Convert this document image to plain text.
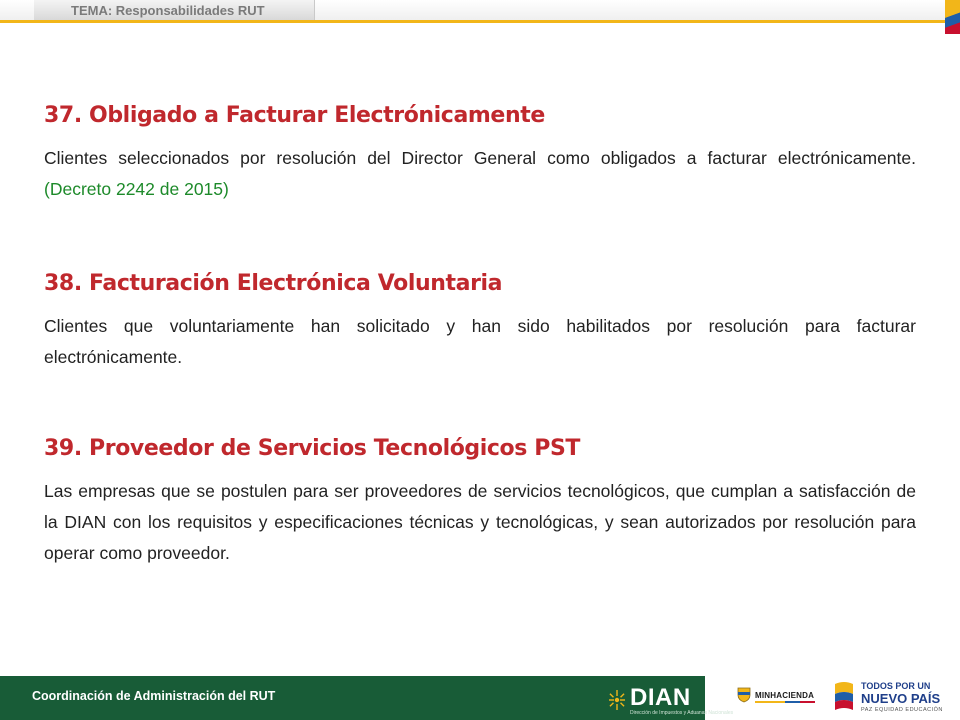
TEMA: Responsabilidades RUT
37. Obligado a Facturar Electrónicamente

Clientes seleccionados por resolución del Director General como obligados a facturar electrónicamente. (Decreto 2242 de 2015)

38. Facturación Electrónica Voluntaria

Clientes que voluntariamente han solicitado y han sido habilitados por resolución para facturar electrónicamente.

39. Proveedor de Servicios Tecnológicos PST

Las empresas que se postulen para ser proveedores de servicios tecnológicos, que cumplan a satisfacción de la DIAN con los requisitos y especificaciones técnicas y tecnológicas, y sean autorizados por resolución para operar como proveedor.

Coordinación de Administración del RUT	DIAN
Dirección de Impuestos y Aduanas Nacionales
MINHACIENDA
TODOS POR UN
NUEVO PAÍS
PAZ EQUIDAD EDUCACIÓN
